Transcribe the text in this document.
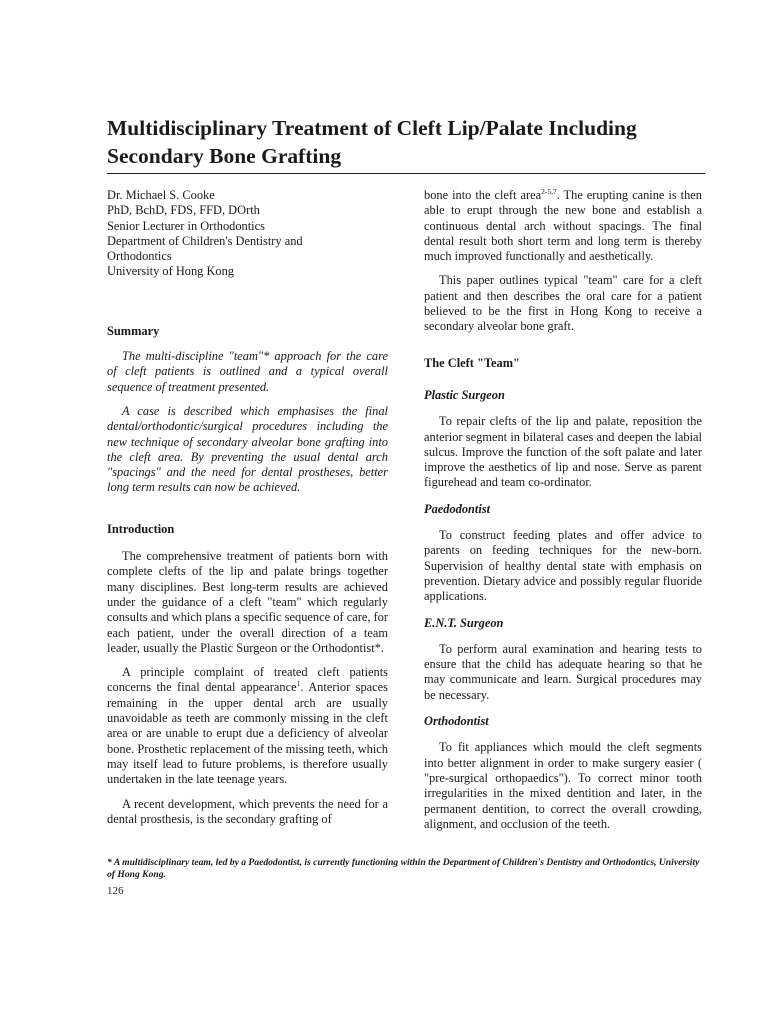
Multidisciplinary Treatment of Cleft Lip/Palate Including Secondary Bone Grafting

Dr. Michael S. Cooke

PhD, BchD, FDS, FFD, DOrth

Senior Lecturer in Orthodontics
Department of Children's Dentistry and
Orthodontics
University of Hong Kong

Summary

The multi-discipline "team"* approach for the care of cleft patients is outlined and a typical overall sequence of treatment presented.

A case is described which emphasises the final dental/orthodontic/surgical procedures including the new technique of secondary alveolar bone grafting into the cleft area. By preventing the usual dental arch "spacings" and the need for dental prostheses, better long term results can now be achieved.

Introduction

The comprehensive treatment of patients born with complete clefts of the lip and palate brings together many disciplines. Best long-term results are achieved under the guidance of a cleft "team" which regularly consults and which plans a specific sequence of care, for each patient, under the overall direction of a team leader, usually the Plastic Surgeon or the Orthodontist*.

A principle complaint of treated cleft patients concerns the final dental appearance$^1$. Anterior spaces remaining in the upper dental arch are usually unavoidable as teeth are commonly missing in the cleft area or are unable to erupt due a deficiency of alveolar bone. Prosthetic replacement of the missing teeth, which may itself lead to future problems, is therefore usually undertaken in the late teenage years.

A recent development, which prevents the need for a dental prosthesis, is the secondary grafting of

bone into the cleft area$^{2-5,7}$. The erupting canine is then able to erupt through the new bone and establish a continuous dental arch without spacings. The final dental result both short term and long term is thereby much improved functionally and aesthetically.

This paper outlines typical "team" care for a cleft patient and then describes the oral care for a patient believed to be the first in Hong Kong to receive a secondary alveolar bone graft.

The Cleft "Team"

Plastic Surgeon

To repair clefts of the lip and palate, reposition the anterior segment in bilateral cases and deepen the labial sulcus. Improve the function of the soft palate and later improve the aesthetics of lip and nose. Serve as parent figurehead and team co-ordinator.

Paedodontist

To construct feeding plates and offer advice to parents on feeding techniques for the new-born. Supervision of healthy dental state with emphasis on prevention. Dietary advice and possibly regular fluoride applications.

E.N.T. Surgeon

To perform aural examination and hearing tests to ensure that the child has adequate hearing so that he may communicate and learn. Surgical procedures may be necessary.

Orthodontist

To fit appliances which mould the cleft segments into better alignment in order to make surgery easier ( "pre-surgical orthopaedics"). To correct minor tooth irregularities in the mixed dentition and later, in the permanent dentition, to correct the overall crowding, alignment, and occlusion of the teeth.

* A multidisciplinary team, led by a Paedodontist, is currently functioning within the Department of Children's Dentistry and Orthodontics, University of Hong Kong.

126
